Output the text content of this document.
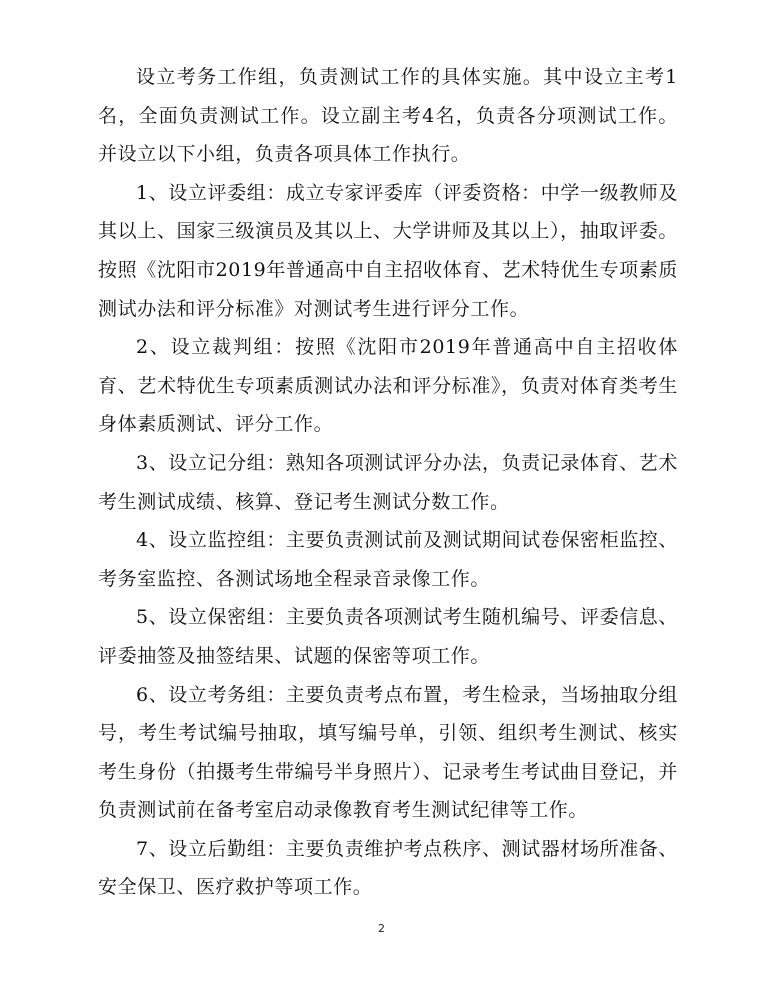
设立考务工作组，负责测试工作的具体实施。其中设立主考1名，全面负责测试工作。设立副主考4名，负责各分项测试工作。并设立以下小组，负责各项具体工作执行。

1、设立评委组：成立专家评委库（评委资格：中学一级教师及其以上、国家三级演员及其以上、大学讲师及其以上），抽取评委。按照《沈阳市2019年普通高中自主招收体育、艺术特优生专项素质测试办法和评分标准》对测试考生进行评分工作。

2、设立裁判组：按照《沈阳市2019年普通高中自主招收体育、艺术特优生专项素质测试办法和评分标准》，负责对体育类考生身体素质测试、评分工作。

3、设立记分组：熟知各项测试评分办法，负责记录体育、艺术考生测试成绩、核算、登记考生测试分数工作。

4、设立监控组：主要负责测试前及测试期间试卷保密柜监控、考务室监控、各测试场地全程录音录像工作。

5、设立保密组：主要负责各项测试考生随机编号、评委信息、评委抽签及抽签结果、试题的保密等项工作。

6、设立考务组：主要负责考点布置，考生检录，当场抽取分组号，考生考试编号抽取，填写编号单，引领、组织考生测试、核实考生身份（拍摄考生带编号半身照片）、记录考生考试曲目登记，并负责测试前在备考室启动录像教育考生测试纪律等工作。

7、设立后勤组：主要负责维护考点秩序、测试器材场所准备、安全保卫、医疗救护等项工作。

2
